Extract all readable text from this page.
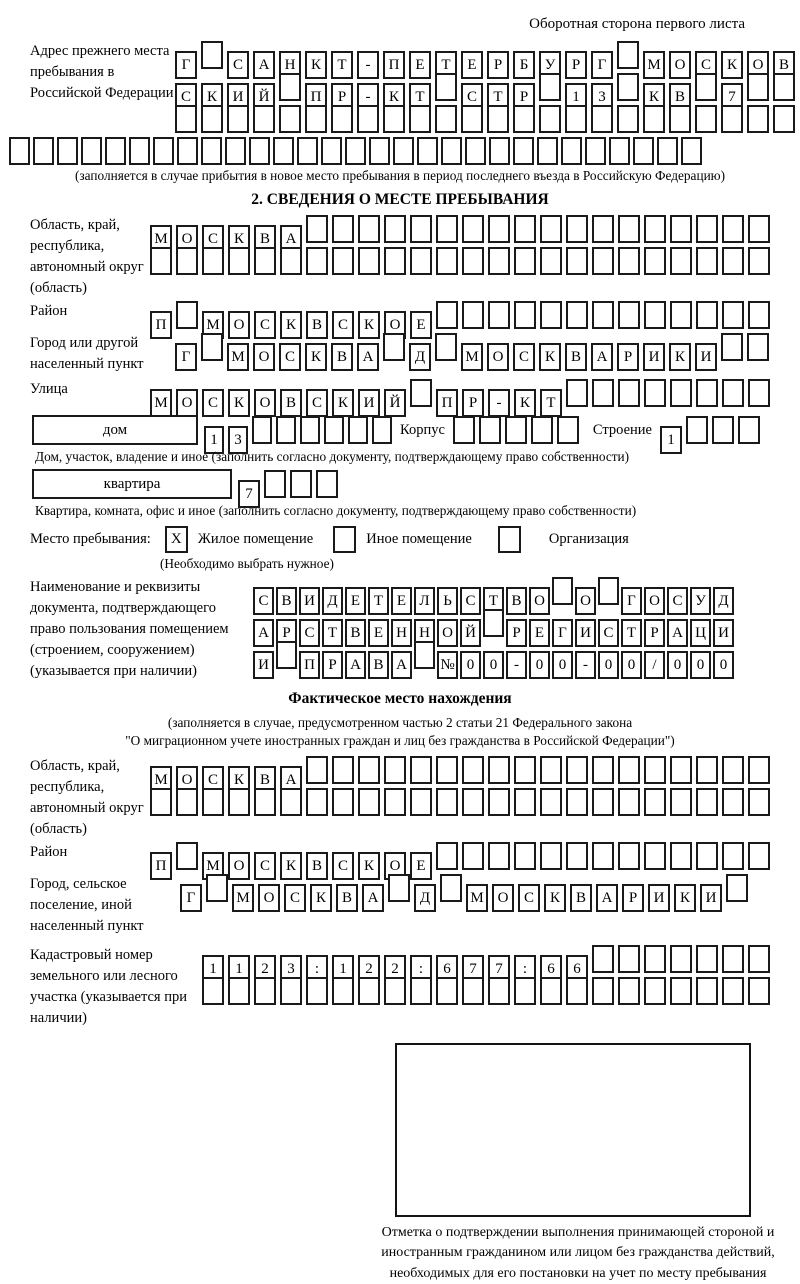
Оборотная сторона первого листа
Адрес прежнего места пребывания в Российской Федерации
Г	С А Н К Т - П Е Т Е Р Б У Р Г	М О С К О В
С К И Й	П Р - К Т	С Т Р	1 3	К В	7
(заполняется в случае прибытия в новое место пребывания в период последнего въезда в Российскую Федерацию)
2. СВЕДЕНИЯ О МЕСТЕ ПРЕБЫВАНИЯ
Область, край, республика, автономный округ (область)
М О С К В А
Район
П	М О С К В С К О Е
Город или другой населенный пункт	Г	М О С К В А	Д	М О С К В А Р И К И
Улица
М О С К О В С К И Й	П Р - К Т
дом
1 3
Корпус	Строение
1
Дом, участок, владение и иное (заполнить согласно документу, подтверждающему право собственности)
квартира
7
Квартира, комната, офис и иное (заполнить согласно документу, подтверждающему право собственности)
Место пребывания:	X	Жилое помещение	Иное помещение	Организация
(Необходимо выбрать нужное)
Наименование и реквизиты документа, подтверждающего право пользования помещением (строением, сооружением) (указывается при наличии)
С В И Д Е Т Е Л Ь С Т В О О Г О С У Д
А Р С Т В Е Н Н О Й Р Е Г И С Т Р А Ц И
И П Р А В А № 0 0 - 0 0 - 0 0 / 0 0 0
Фактическое место нахождения
(заполняется в случае, предусмотренном частью 2 статьи 21 Федерального закона
"О миграционном учете иностранных граждан и лиц без гражданства в Российской Федерации")
Область, край, республика, автономный округ (область)
М О С К В А
Район
П	М О С К В С К О Е
Город, сельское поселение, иной населенный пункт
Г	М О С К В А	Д	М О С К В А Р И К И
Кадастровый номер земельного или лесного участка (указывается при наличии)
1 1 2 3 : 1 2 2 : 6 7 7 : 6 6
Отметка о подтверждении выполнения принимающей стороной и иностранным гражданином или лицом без гражданства действий, необходимых для его постановки на учет по месту пребывания
